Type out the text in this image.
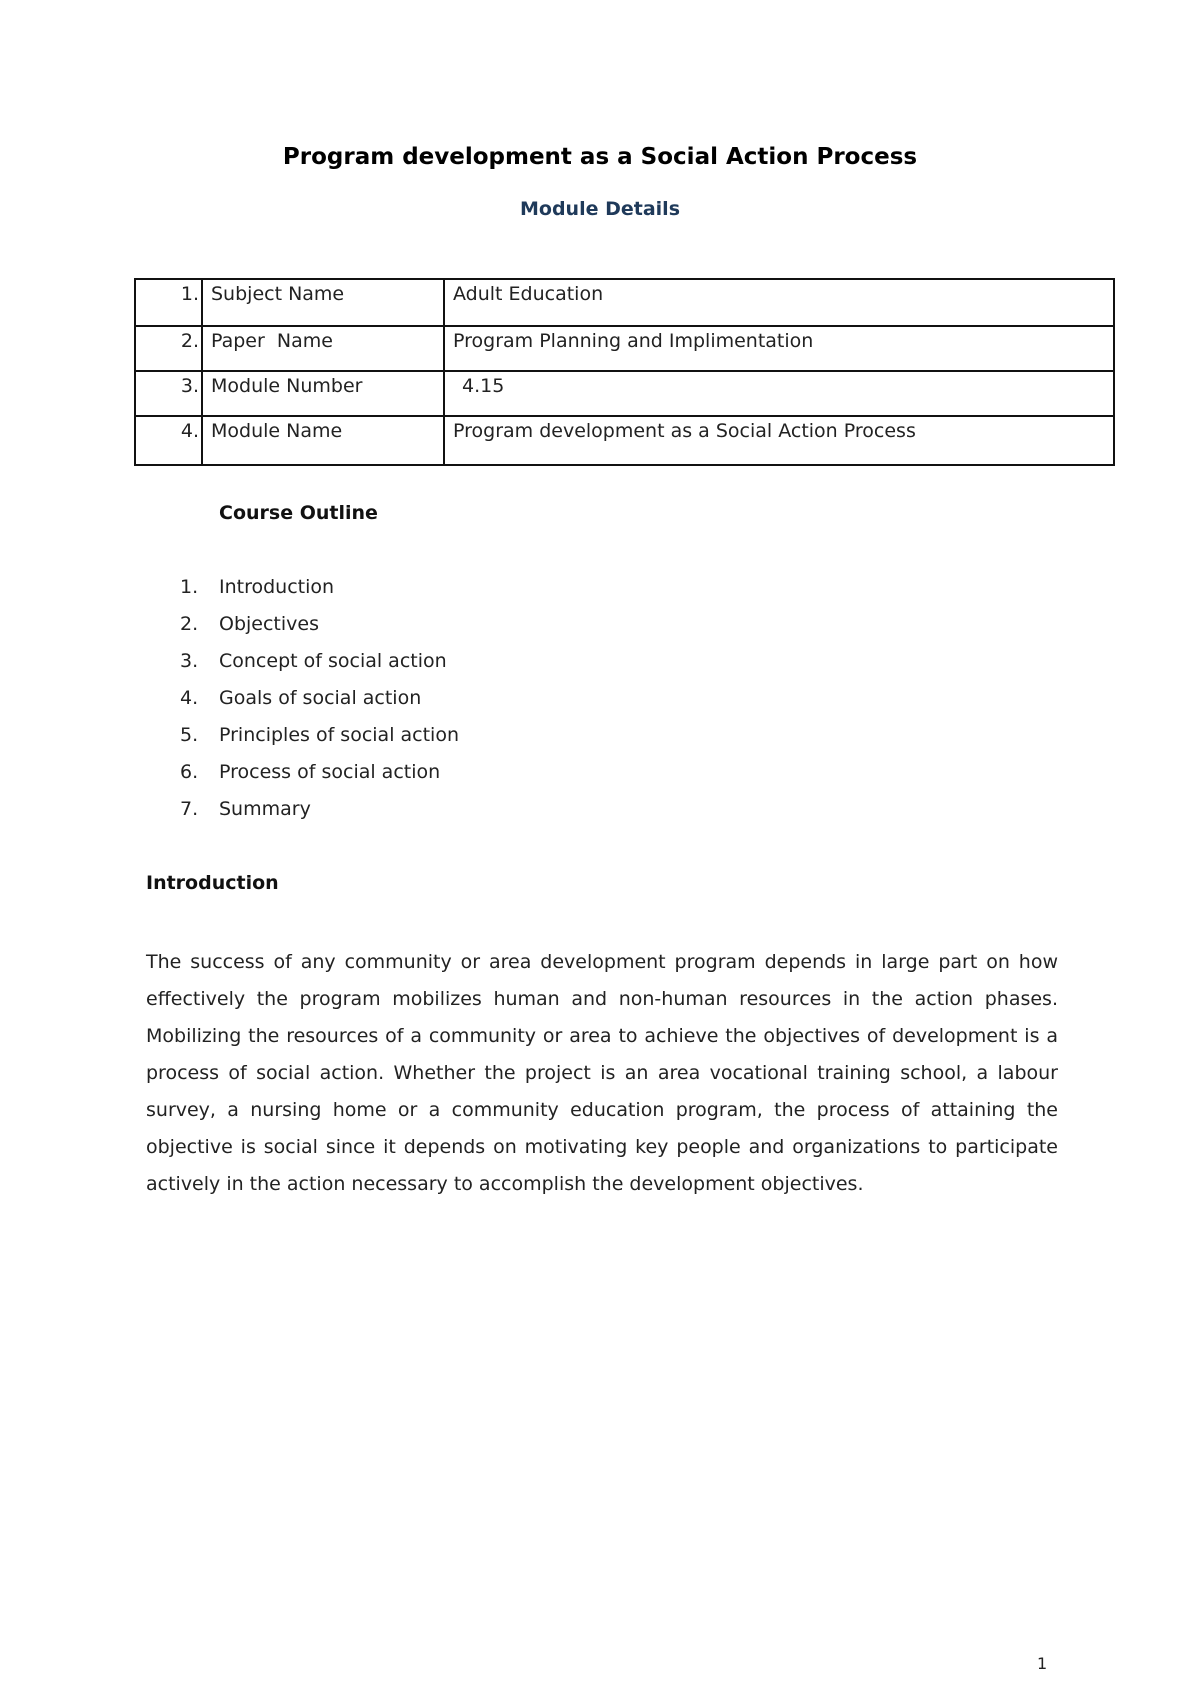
Program development as a Social Action Process
Module Details
1.	Subject Name	Adult Education
2.	Paper  Name	Program Planning and Implimentation
3.	Module Number	4.15
4.	Module Name	Program development as a Social Action Process
Course Outline
1. Introduction
2. Objectives
3. Concept of social action
4. Goals of social action
5. Principles of social action
6. Process of social action
7. Summary
Introduction

The success of any community or area development program depends in large part on how effectively the program mobilizes human and non-human resources in the action phases. Mobilizing the resources of a community or area to achieve the objectives of development is a process of social action. Whether the project is an area vocational training school, a labour survey, a nursing home or a community education program, the process of attaining the objective is social since it depends on motivating key people and organizations to participate actively in the action necessary to accomplish the development objectives.

1
